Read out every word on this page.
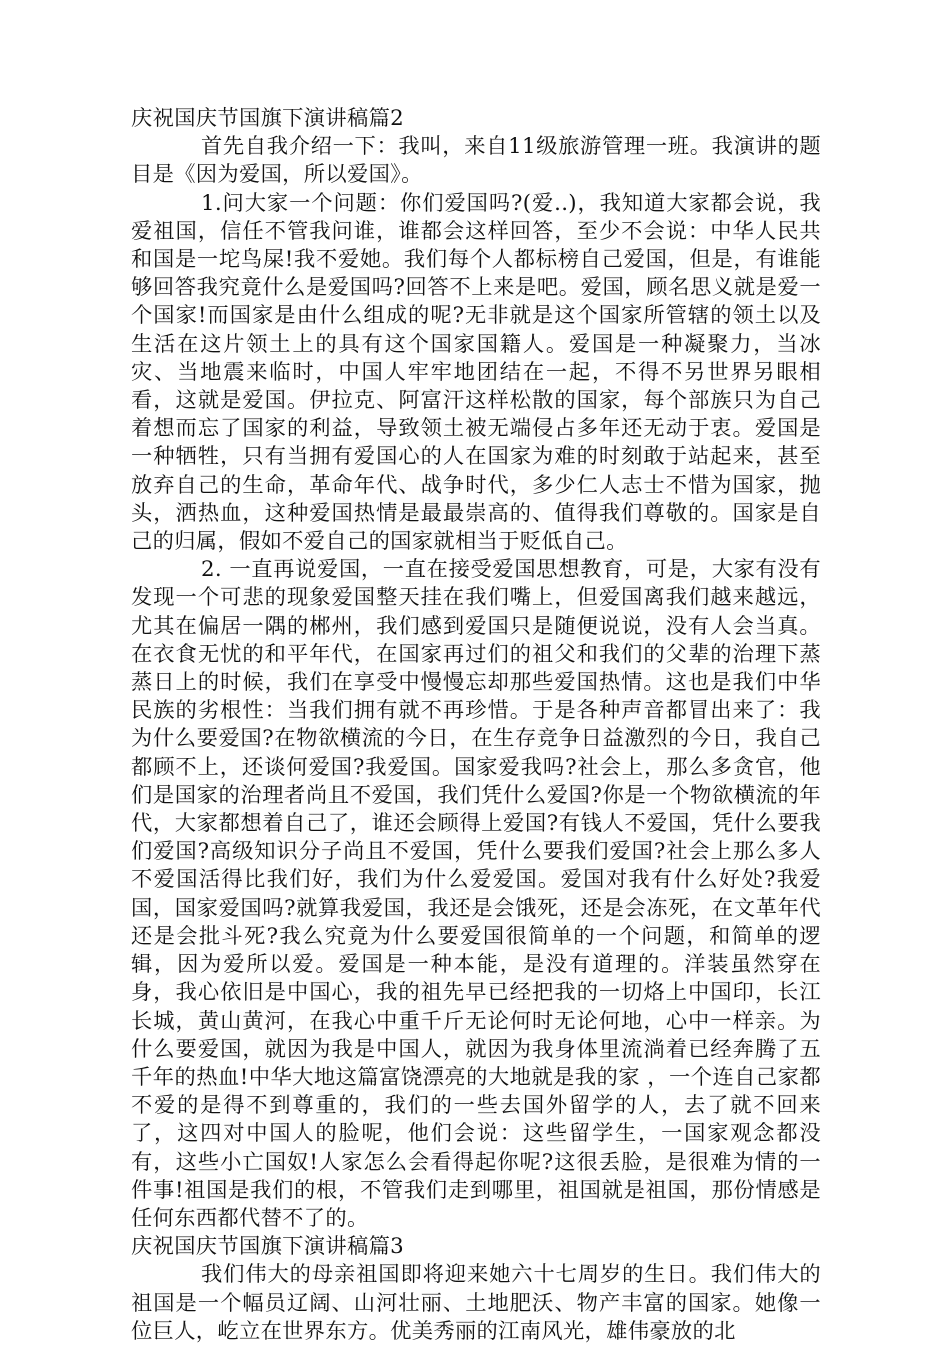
庆祝国庆节国旗下演讲稿篇2

首先自我介绍一下：我叫，来自11级旅游管理一班。我演讲的题目是《因为爱国，所以爱国》。

1.问大家一个问题：你们爱国吗?(爱..)，我知道大家都会说，我爱祖国，信任不管我问谁，谁都会这样回答，至少不会说：中华人民共和国是一坨鸟屎!我不爱她。我们每个人都标榜自己爱国，但是，有谁能够回答我究竟什么是爱国吗?回答不上来是吧。爱国，顾名思义就是爱一个国家!而国家是由什么组成的呢?无非就是这个国家所管辖的领土以及生活在这片领土上的具有这个国家国籍人。爱国是一种凝聚力，当冰灾、当地震来临时，中国人牢牢地团结在一起，不得不另世界另眼相看，这就是爱国。伊拉克、阿富汗这样松散的国家，每个部族只为自己着想而忘了国家的利益，导致领土被无端侵占多年还无动于衷。爱国是一种牺牲，只有当拥有爱国心的人在国家为难的时刻敢于站起来，甚至放弃自己的生命，革命年代、战争时代，多少仁人志士不惜为国家，抛头，洒热血，这种爱国热情是最最崇高的、值得我们尊敬的。国家是自己的归属，假如不爱自己的国家就相当于贬低自己。

2. 一直再说爱国，一直在接受爱国思想教育，可是，大家有没有发现一个可悲的现象爱国整天挂在我们嘴上，但爱国离我们越来越远，尤其在偏居一隅的郴州，我们感到爱国只是随便说说，没有人会当真。在衣食无忧的和平年代，在国家再过们的祖父和我们的父辈的治理下蒸蒸日上的时候，我们在享受中慢慢忘却那些爱国热情。这也是我们中华民族的劣根性：当我们拥有就不再珍惜。于是各种声音都冒出来了：我为什么要爱国?在物欲横流的今日，在生存竞争日益激烈的今日，我自己都顾不上，还谈何爱国?我爱国。国家爱我吗?社会上，那么多贪官，他们是国家的治理者尚且不爱国，我们凭什么爱国?你是一个物欲横流的年代，大家都想着自己了，谁还会顾得上爱国?有钱人不爱国，凭什么要我们爱国?高级知识分子尚且不爱国，凭什么要我们爱国?社会上那么多人不爱国活得比我们好，我们为什么爱爱国。爱国对我有什么好处?我爱国，国家爱国吗?就算我爱国，我还是会饿死，还是会冻死，在文革年代还是会批斗死?我么究竟为什么要爱国很简单的一个问题，和简单的逻辑，因为爱所以爱。爱国是一种本能，是没有道理的。洋装虽然穿在身，我心依旧是中国心，我的祖先早已经把我的一切烙上中国印，长江长城，黄山黄河，在我心中重千斤无论何时无论何地，心中一样亲。为什么要爱国，就因为我是中国人，就因为我身体里流淌着已经奔腾了五千年的热血!中华大地这篇富饶漂亮的大地就是我的家 ，一个连自己家都不爱的是得不到尊重的，我们的一些去国外留学的人，去了就不回来了，这四对中国人的脸呢，他们会说：这些留学生，一国家观念都没有，这些小亡国奴!人家怎么会看得起你呢?这很丢脸，是很难为情的一件事!祖国是我们的根，不管我们走到哪里，祖国就是祖国，那份情感是任何东西都代替不了的。

庆祝国庆节国旗下演讲稿篇3

我们伟大的母亲祖国即将迎来她六十七周岁的生日。我们伟大的祖国是一个幅员辽阔、山河壮丽、土地肥沃、物产丰富的国家。她像一位巨人，屹立在世界东方。优美秀丽的江南风光，雄伟豪放的北
